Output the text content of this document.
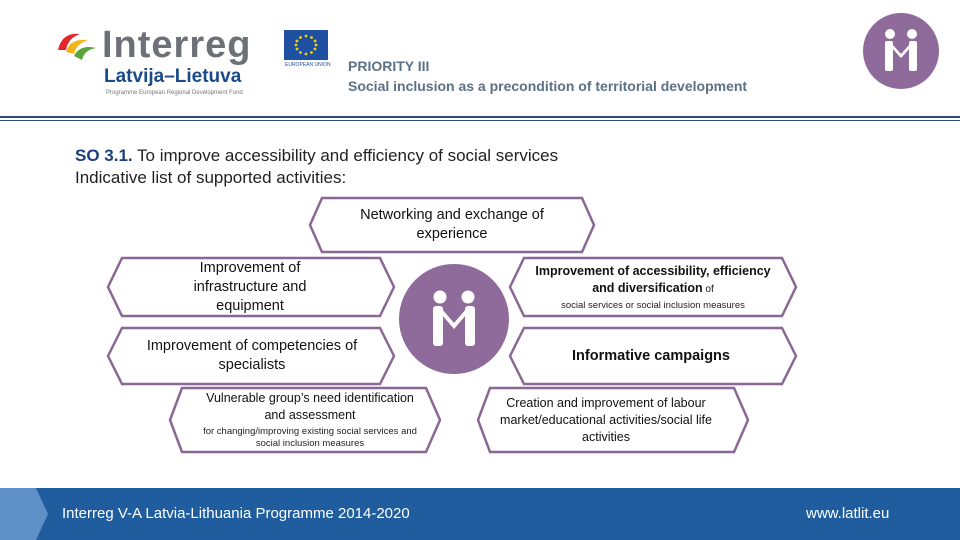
Interreg
Latvija–Lietuva
Programme European Regional Development Fund
EUROPEAN UNION PRIORITY III
Social inclusion as a precondition of territorial development
SO 3.1. To improve accessibility and efficiency of social services
Indicative list of supported activities:
Networking and exchange of experience
Improvement of infrastructure and equipment
Improvement of accessibility, efficiency and diversification of
social services or social inclusion measures
Improvement of competencies of specialists
Informative campaigns
Vulnerable group’s need identification and assessment
for changing/improving existing social services and social inclusion measures
Creation and improvement of labour market/educational activities/social life activities
Interreg V-A Latvia-Lithuania Programme 2014-2020	www.latlit.eu
